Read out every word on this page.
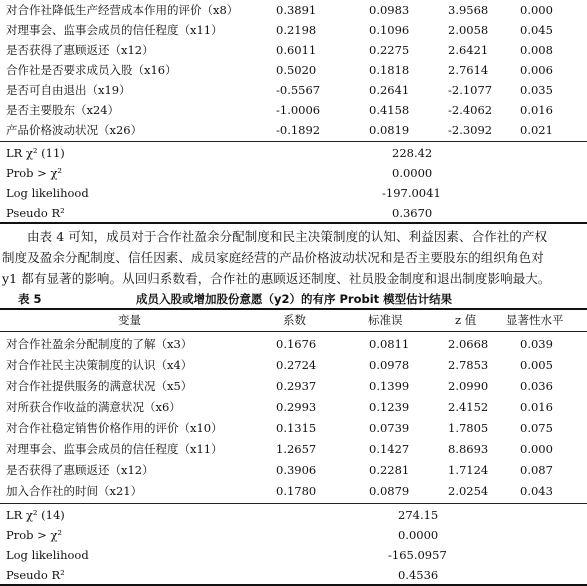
对合作社降低生产经营成本作用的评价（x8）	0.3891	0.0983	3.9568	0.000
对理事会、监事会成员的信任程度（x11）	0.2198	0.1096	2.0058	0.045
是否获得了惠顾返还（x12）	0.6011	0.2275	2.6421	0.008
合作社是否要求成员入股（x16）	0.5020	0.1818	2.7614	0.006
是否可自由退出（x19）	-0.5567	0.2641	-2.1077 0.035
是否主要股东（x24）	-1.0006	0.4158	-2.4062 0.016
产品价格波动状况（x26）	-0.1892	0.0819	-2.3092 0.021
LR χ² (11)	228.42
Prob > χ²	0.0000
Log likelihood	-197.0041
Pseudo R²	0.3670
由表 4 可知，成员对于合作社盈余分配制度和民主决策制度的认知、利益因素、合作社的产权
制度及盈余分配制度、信任因素、成员家庭经营的产品价格波动状况和是否主要股东的组织角色对
y1 都有显著的影响。从回归系数看，合作社的惠顾返还制度、社员股金制度和退出制度影响最大。
表 5	成员入股或增加股份意愿（y2）的有序 Probit 模型估计结果
变量	系数	标准误	z 值	显著性水平
对合作社盈余分配制度的了解（x3）	0.1676	0.0811	2.0668	0.039
对合作社民主决策制度的认识（x4）	0.2724	0.0978	2.7853	0.005
对合作社提供服务的满意状况（x5）	0.2937	0.1399	2.0990	0.036
对所获合作收益的满意状况（x6）	0.2993	0.1239	2.4152	0.016
对合作社稳定销售价格作用的评价（x10）	0.1315	0.0739	1.7805	0.075
对理事会、监事会成员的信任程度（x11）	1.2657	0.1427	8.8693	0.000
是否获得了惠顾返还（x12）	0.3906	0.2281	1.7124	0.087
加入合作社的时间（x21）	0.1780	0.0879	2.0254	0.043
LR χ² (14)	274.15
Prob > χ²	0.0000
Log likelihood	-165.0957
Pseudo R²	0.4536
